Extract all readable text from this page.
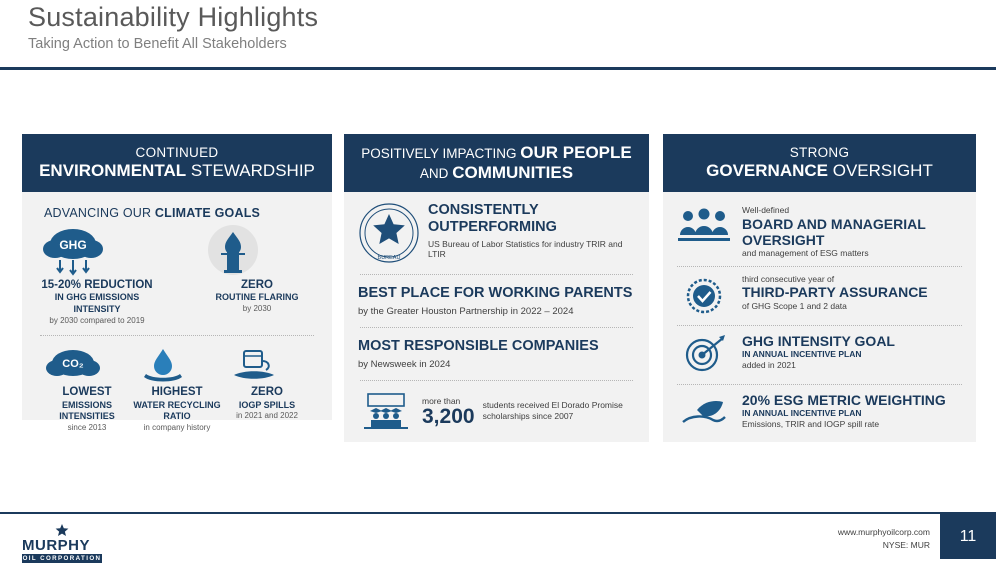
Sustainability Highlights
Taking Action to Benefit All Stakeholders
CONTINUED
ENVIRONMENTAL STEWARDSHIP
ADVANCING OUR CLIMATE GOALS
GHG
15-20% REDUCTION
IN GHG EMISSIONS INTENSITY
by 2030 compared to 2019
ZERO
ROUTINE FLARING
by 2030
CO₂
LOWEST
EMISSIONS INTENSITIES
since 2013
HIGHEST
WATER RECYCLING RATIO
in company history
ZERO
IOGP SPILLS
in 2021 and 2022
POSITIVELY IMPACTING OUR PEOPLE
AND COMMUNITIES
BUREAU
CONSISTENTLY OUTPERFORMING
US Bureau of Labor Statistics for industry TRIR and LTIR
BEST PLACE FOR WORKING PARENTS
by the Greater Houston Partnership in 2022 – 2024
MOST RESPONSIBLE COMPANIES
by Newsweek in 2024
more than
3,200 students received El Dorado Promise
scholarships since 2007
STRONG
GOVERNANCE OVERSIGHT
Well-defined
BOARD AND MANAGERIAL OVERSIGHT
and management of ESG matters
third consecutive year of
THIRD-PARTY ASSURANCE
of GHG Scope 1 and 2 data
GHG INTENSITY GOAL
IN ANNUAL INCENTIVE PLAN
added in 2021
20% ESG METRIC WEIGHTING
IN ANNUAL INCENTIVE PLAN
Emissions, TRIR and IOGP spill rate
MURPHY
OIL CORPORATION
www.murphyoilcorp.com
NYSE: MUR
11
